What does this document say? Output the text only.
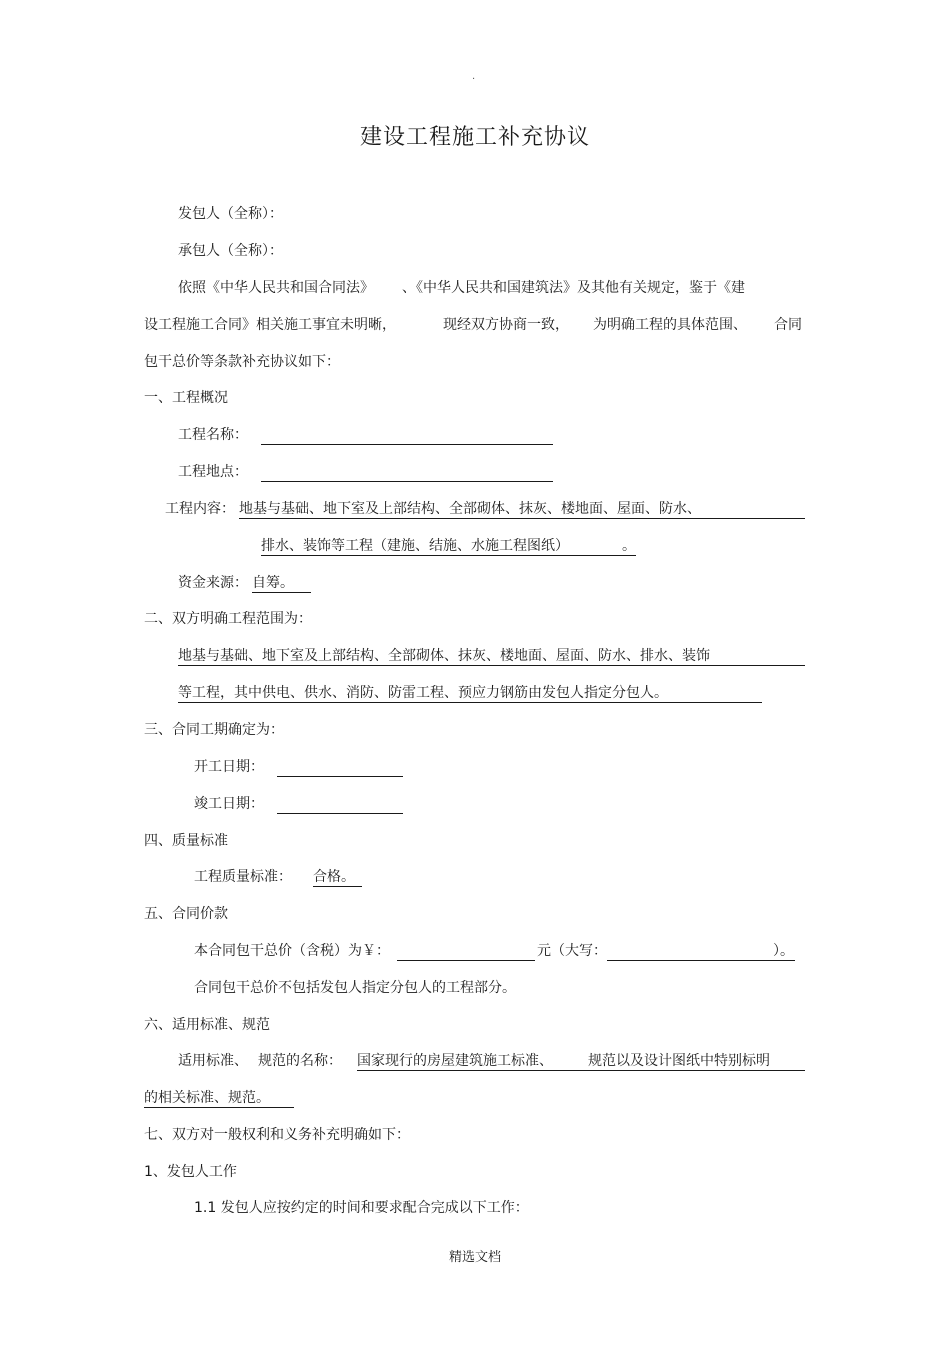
.
建设工程施工补充协议
发包人（全称）：
承包人（全称）：
依照《中华人民共和国合同法》 、《中华人民共和国建筑法》及其他有关规定，鉴于《建
设工程施工合同》相关施工事宜未明晰，	现经双方协商一致， 为明确工程的具体范围、 合同
包干总价等条款补充协议如下：
一、工程概况
工程名称：
工程地点：
工程内容： 地基与基础、地下室及上部结构、全部砌体、抹灰、楼地面、屋面、防水、
排水、装饰等工程（建施、结施、水施工程图纸）	。
资金来源： 自筹。
二、双方明确工程范围为：
地基与基础、地下室及上部结构、全部砌体、抹灰、楼地面、屋面、防水、排水、装饰
等工程，其中供电、供水、消防、防雷工程、预应力钢筋由发包人指定分包人。
三、合同工期确定为：
开工日期：
竣工日期：
四、质量标准
工程质量标准： 合格。
五、合同价款
本合同包干总价（含税）为￥：	元（大写：	）。
合同包干总价不包括发包人指定分包人的工程部分。
六、适用标准、规范
适用标准、 规范的名称： 国家现行的房屋建筑施工标准、	规范以及设计图纸中特别标明
的相关标准、规范。
七、双方对一般权利和义务补充明确如下：
1、发包人工作
1.1 发包人应按约定的时间和要求配合完成以下工作：
精选文档
